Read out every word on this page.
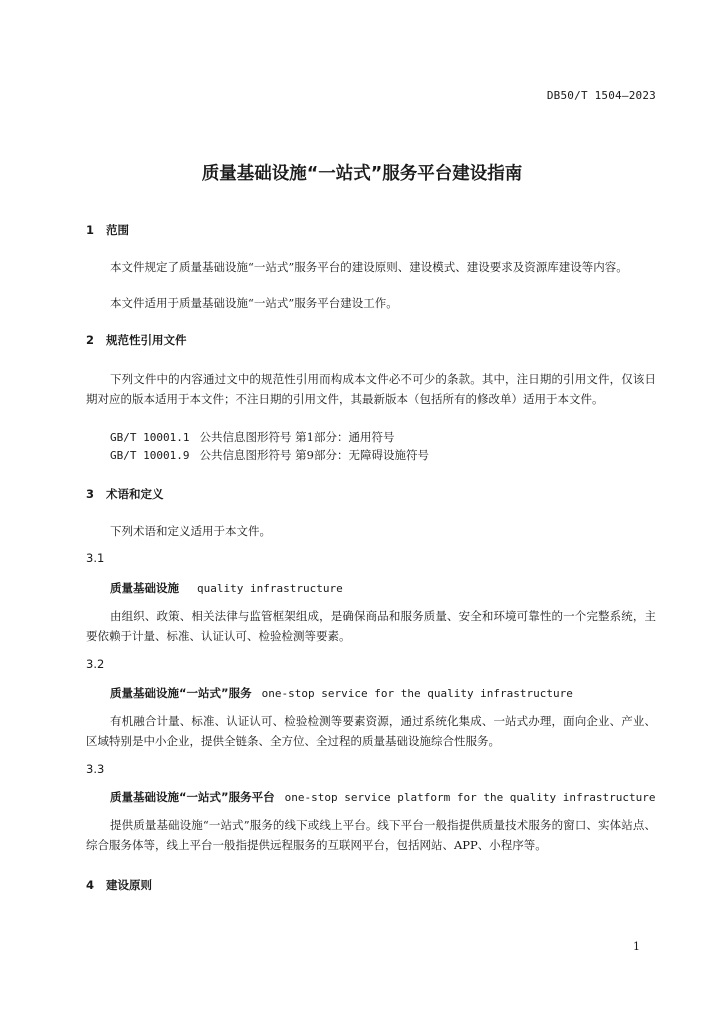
DB50/T 1504—2023
质量基础设施“一站式”服务平台建设指南
1 范围
本文件规定了质量基础设施“一站式”服务平台的建设原则、建设模式、建设要求及资源库建设等内容。
本文件适用于质量基础设施“一站式”服务平台建设工作。
2 规范性引用文件
下列文件中的内容通过文中的规范性引用而构成本文件必不可少的条款。其中，注日期的引用文件，仅该日期对应的版本适用于本文件；不注日期的引用文件，其最新版本（包括所有的修改单）适用于本文件。
GB/T 10001.1 公共信息图形符号 第1部分：通用符号
GB/T 10001.9 公共信息图形符号 第9部分：无障碍设施符号
3 术语和定义
下列术语和定义适用于本文件。
3.1
质量基础设施 quality infrastructure
由组织、政策、相关法律与监管框架组成，是确保商品和服务质量、安全和环境可靠性的一个完整系统，主要依赖于计量、标准、认证认可、检验检测等要素。
3.2
质量基础设施“一站式”服务 one-stop service for the quality infrastructure
有机融合计量、标准、认证认可、检验检测等要素资源，通过系统化集成、一站式办理，面向企业、产业、区域特别是中小企业，提供全链条、全方位、全过程的质量基础设施综合性服务。
3.3
质量基础设施“一站式”服务平台 one-stop service platform for the quality infrastructure
提供质量基础设施“一站式”服务的线下或线上平台。线下平台一般指提供质量技术服务的窗口、实体站点、综合服务体等，线上平台一般指提供远程服务的互联网平台，包括网站、APP、小程序等。
4 建设原则
1
